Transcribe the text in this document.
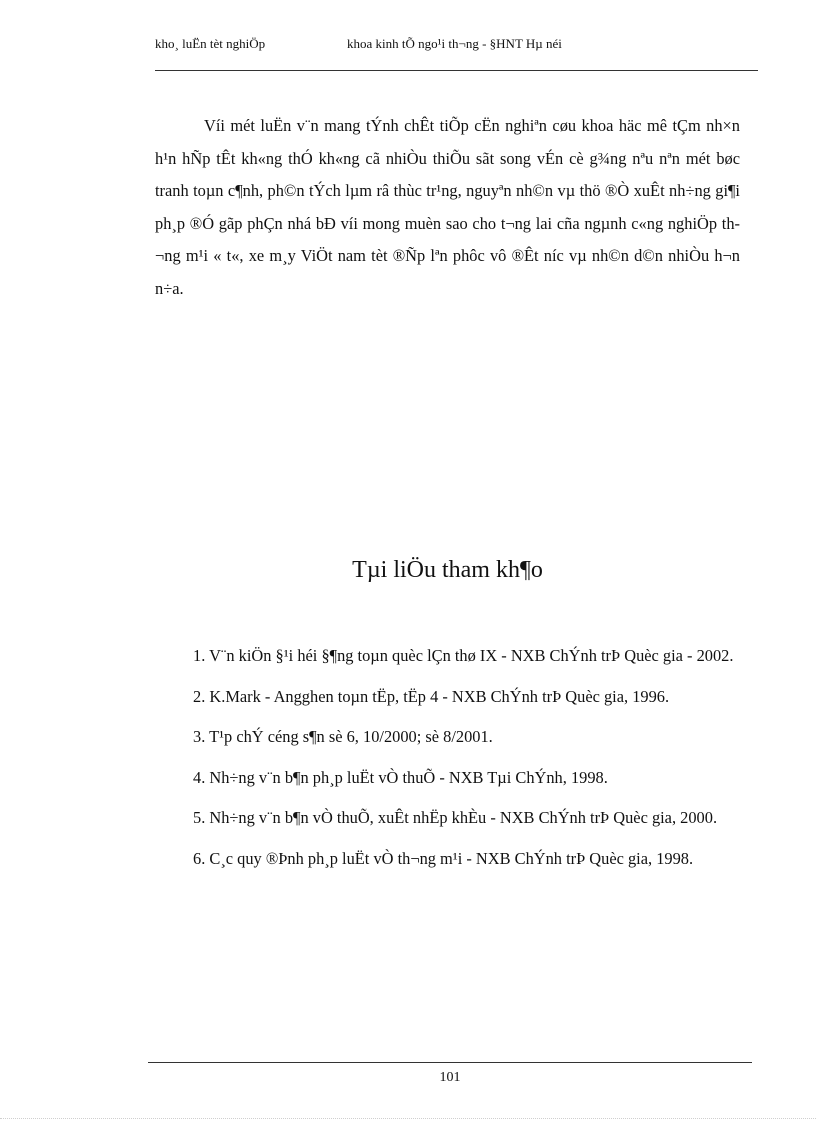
kho¸ luËn tèt nghiÖp	khoa kinh tÕ ngo¹i th¬ng - §HNT Hµ néi

Víi mét luËn v¨n mang tÝnh chÊt tiÕp cËn nghiªn cøu khoa häc mê tÇm nh×n h¹n hÑp tÊt kh«ng thÓ kh«ng cã nhiÒu thiÕu sãt song vÉn cè g¾ng nªu nªn mét bøc tranh toµn c¶nh, ph©n tÝch lµm râ thùc tr¹ng, nguyªn nh©n vµ thö ®Ò xuÊt nh÷ng gi¶i ph¸p ®Ó gãp phÇn nhá bÐ víi mong muèn sao cho t¬ng lai cña ngµnh c«ng nghiÖp th¬ng m¹i « t«, xe m¸y ViÖt nam tèt ®Ñp lªn phôc vô ®Êt níc vµ nh©n d©n nhiÒu h¬n n÷a.

Tµi liÖu tham kh¶o
1. V¨n kiÖn §¹i héi §¶ng toµn quèc lÇn thø IX - NXB ChÝnh trÞ Quèc gia - 2002.
2. K.Mark - Angghen toµn tËp, tËp 4 - NXB ChÝnh trÞ Quèc gia, 1996.
3. T¹p chÝ céng s¶n sè 6, 10/2000; sè 8/2001.
4. Nh÷ng v¨n b¶n ph¸p luËt vÒ thuÕ - NXB Tµi ChÝnh, 1998.
5. Nh÷ng v¨n b¶n vÒ thuÕ, xuÊt nhËp khÈu - NXB ChÝnh trÞ Quèc gia, 2000.
6. C¸c quy ®Þnh ph¸p luËt vÒ th¬ng m¹i - NXB ChÝnh trÞ Quèc gia, 1998.
101
